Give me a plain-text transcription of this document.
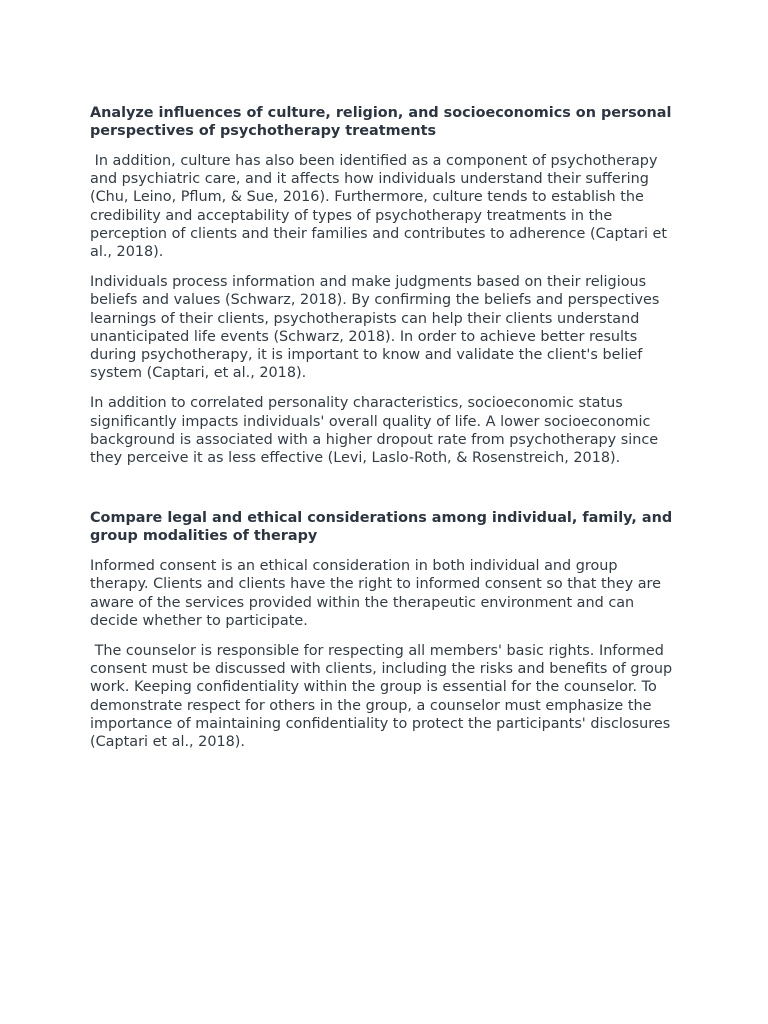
Analyze influences of culture, religion, and socioeconomics on personal perspectives of psychotherapy treatments

In addition, culture has also been identified as a component of psychotherapy and psychiatric care, and it affects how individuals understand their suffering (Chu, Leino, Pflum, & Sue, 2016). Furthermore, culture tends to establish the credibility and acceptability of types of psychotherapy treatments in the perception of clients and their families and contributes to adherence (Captari et al., 2018).

Individuals process information and make judgments based on their religious beliefs and values (Schwarz, 2018). By confirming the beliefs and perspectives learnings of their clients, psychotherapists can help their clients understand unanticipated life events (Schwarz, 2018). In order to achieve better results during psychotherapy, it is important to know and validate the client's belief system (Captari, et al., 2018).

In addition to correlated personality characteristics, socioeconomic status significantly impacts individuals' overall quality of life. A lower socioeconomic background is associated with a higher dropout rate from psychotherapy since they perceive it as less effective (Levi, Laslo-Roth, & Rosenstreich, 2018).

Compare legal and ethical considerations among individual, family, and group modalities of therapy

Informed consent is an ethical consideration in both individual and group therapy. Clients and clients have the right to informed consent so that they are aware of the services provided within the therapeutic environment and can decide whether to participate.

The counselor is responsible for respecting all members' basic rights. Informed consent must be discussed with clients, including the risks and benefits of group work. Keeping confidentiality within the group is essential for the counselor. To demonstrate respect for others in the group, a counselor must emphasize the importance of maintaining confidentiality to protect the participants' disclosures (Captari et al., 2018).
